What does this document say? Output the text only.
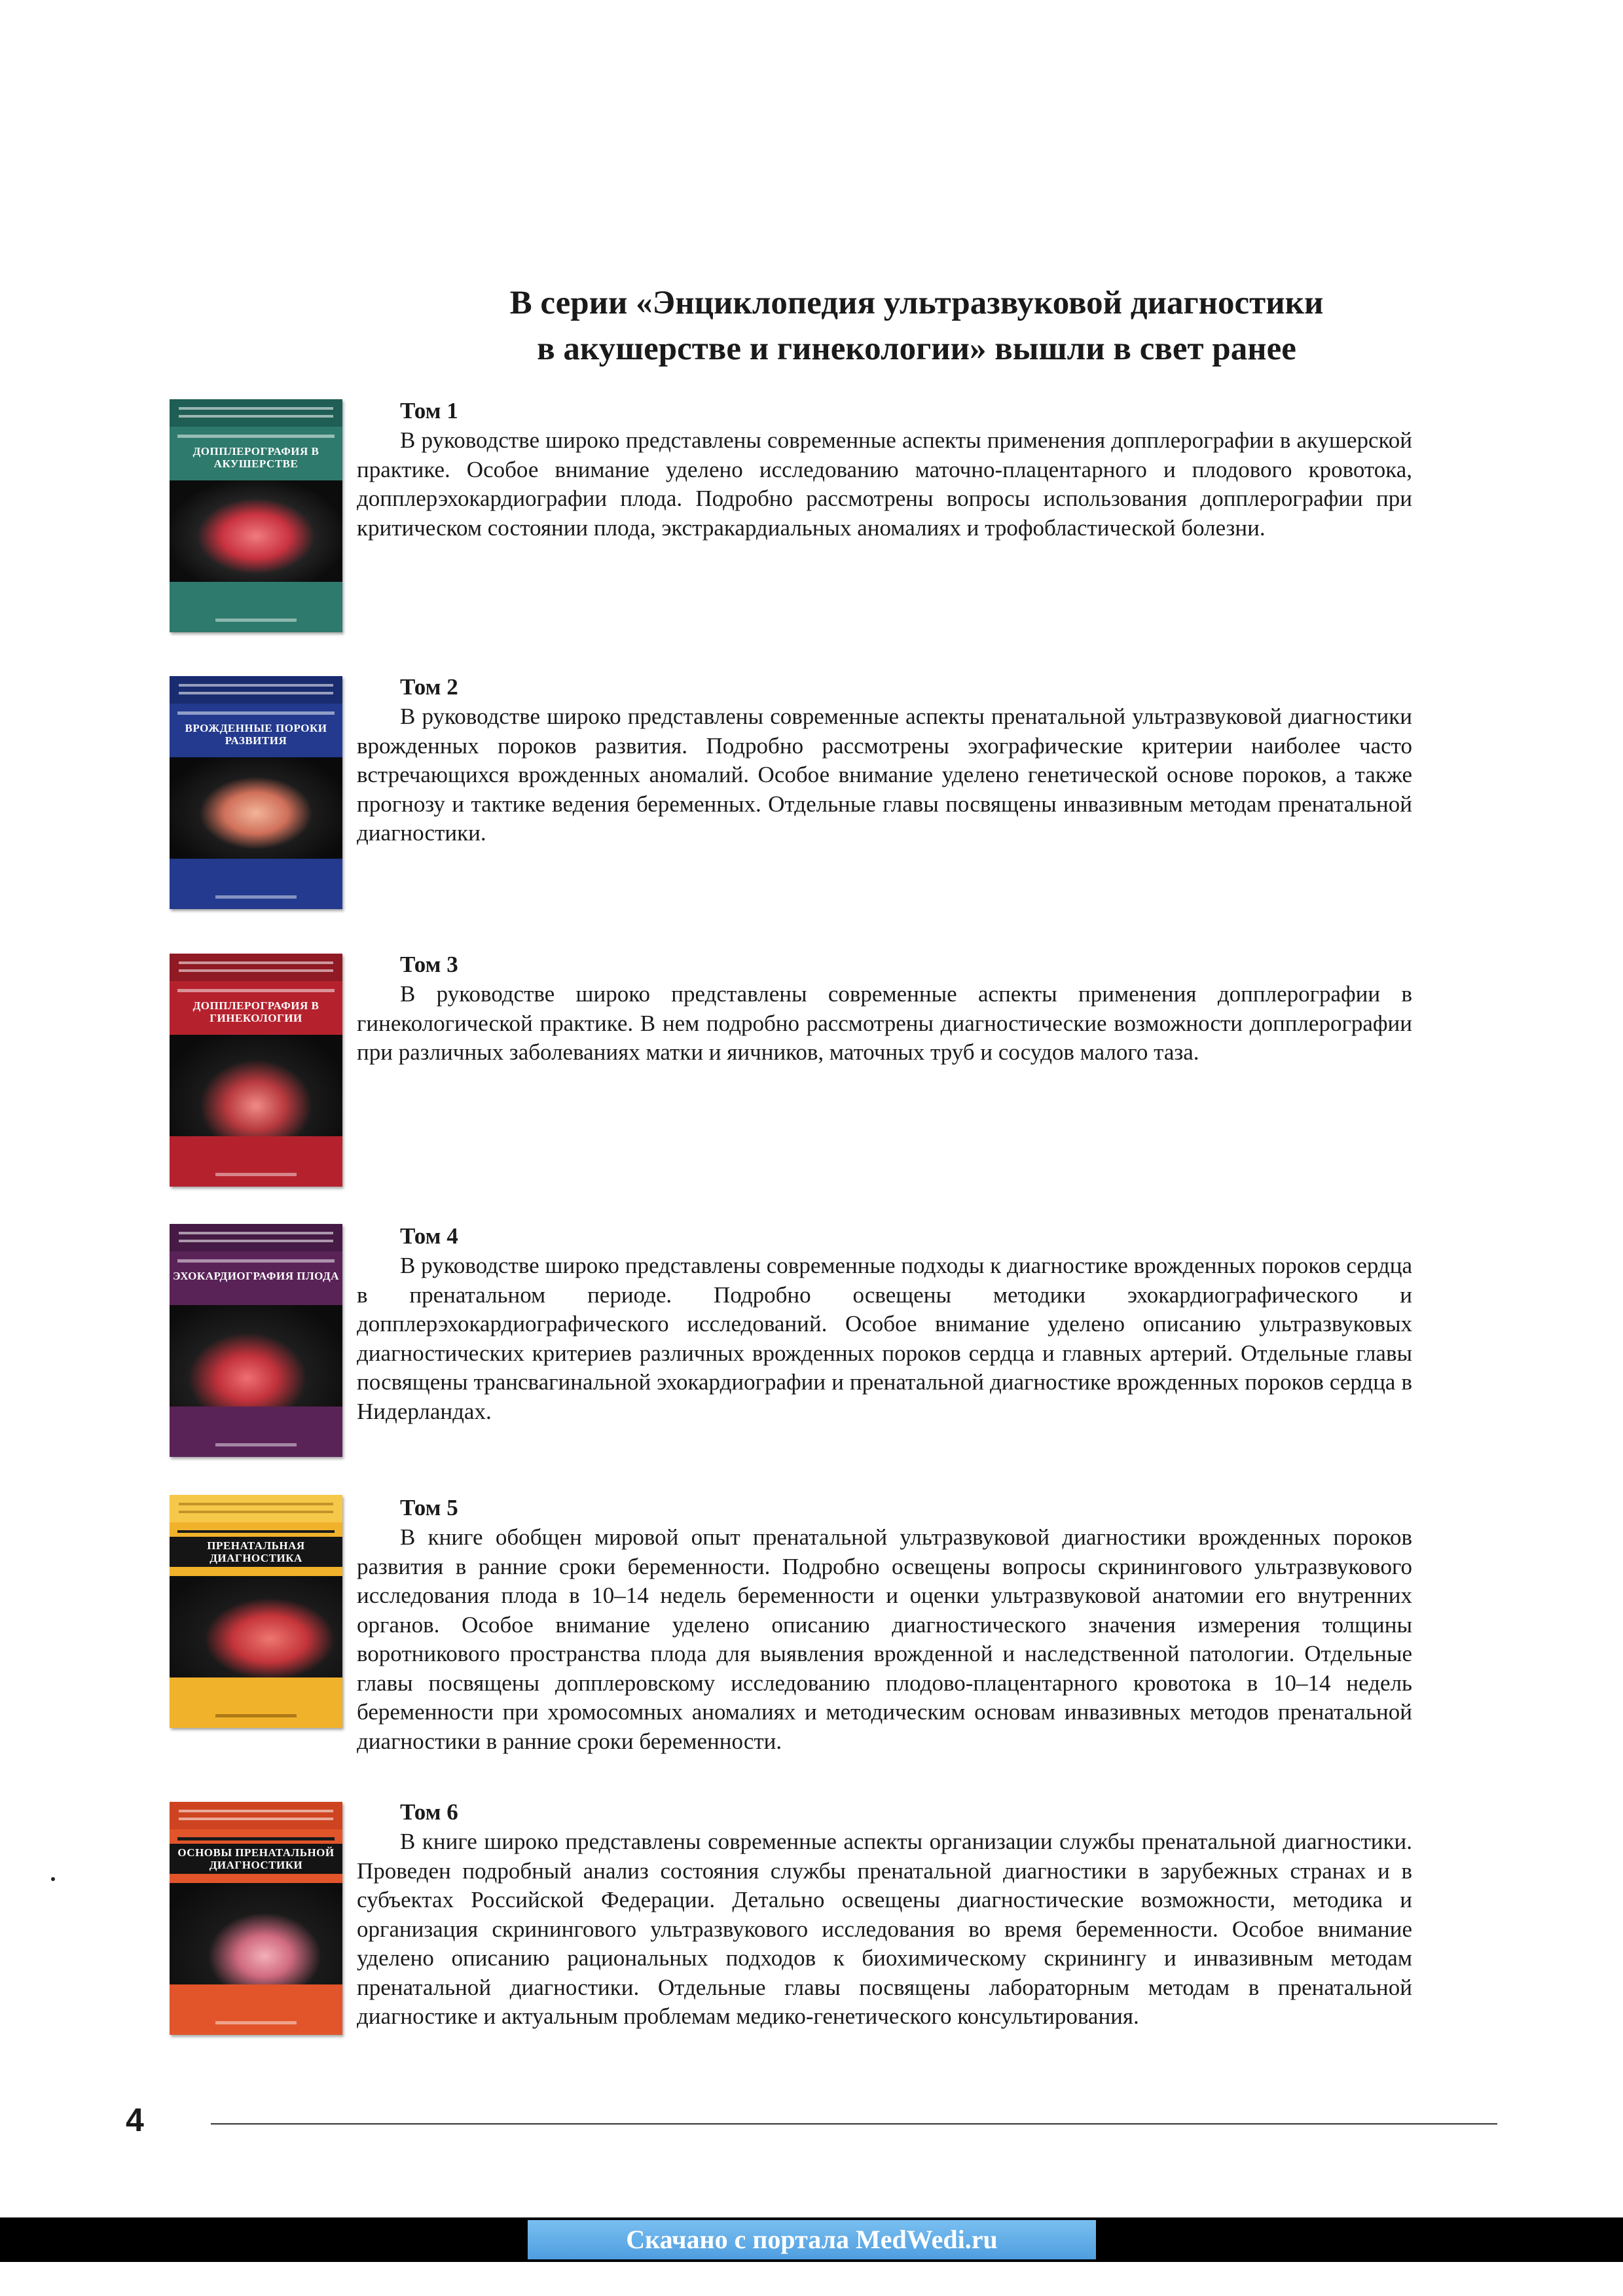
В серии «Энциклопедия ультразвуковой диагностики
в акушерстве и гинекологии» вышли в свет ранее
ДОППЛЕРОГРАФИЯ В АКУШЕРСТВЕ
Том 1

В руководстве широко представлены современные аспекты применения допплерографии в акушерской практике. Особое внимание уделено исследованию маточно-плацентарного и плодового кровотока, допплерэхокардиографии плода. Подробно рассмотрены вопросы использования допплерографии при критическом состоянии плода, экстракардиальных аномалиях и трофобластической болезни.

ВРОЖДЕННЫЕ ПОРОКИ РАЗВИТИЯ
Том 2

В руководстве широко представлены современные аспекты пренатальной ультразвуковой диагностики врожденных пороков развития. Подробно рассмотрены эхографические критерии наиболее часто встречающихся врожденных аномалий. Особое внимание уделено генетической основе пороков, а также прогнозу и тактике ведения беременных. Отдельные главы посвящены инвазивным методам пренатальной диагностики.

ДОППЛЕРОГРАФИЯ В ГИНЕКОЛОГИИ
Том 3

В руководстве широко представлены современные аспекты применения допплерографии в гинекологической практике. В нем подробно рассмотрены диагностические возможности допплерографии при различных заболеваниях матки и яичников, маточных труб и сосудов малого таза.

ЭХОКАРДИОГРАФИЯ ПЛОДА
Том 4

В руководстве широко представлены современные подходы к диагностике врожденных пороков сердца в пренатальном периоде. Подробно освещены методики эхокардиографического и допплерэхокардиографического исследований. Особое внимание уделено описанию ультразвуковых диагностических критериев различных врожденных пороков сердца и главных артерий. Отдельные главы посвящены трансвагинальной эхокардиографии и пренатальной диагностике врожденных пороков сердца в Нидерландах.

ПРЕНАТАЛЬНАЯ ДИАГНОСТИКА
Том 5

В книге обобщен мировой опыт пренатальной ультразвуковой диагностики врожденных пороков развития в ранние сроки беременности. Подробно освещены вопросы скринингового ультразвукового исследования плода в 10–14 недель беременности и оценки ультразвуковой анатомии его внутренних органов. Особое внимание уделено описанию диагностического значения измерения толщины воротникового пространства плода для выявления врожденной и наследственной патологии. Отдельные главы посвящены допплеровскому исследованию плодово-плацентарного кровотока в 10–14 недель беременности при хромосомных аномалиях и методическим основам инвазивных методов пренатальной диагностики в ранние сроки беременности.

ОСНОВЫ ПРЕНАТАЛЬНОЙ ДИАГНОСТИКИ
Том 6

В книге широко представлены современные аспекты организации службы пренатальной диагностики. Проведен подробный анализ состояния службы пренатальной диагностики в зарубежных странах и в субъектах Российской Федерации. Детально освещены диагностические возможности, методика и организация скринингового ультразвукового исследования во время беременности. Особое внимание уделено описанию рациональных подходов к биохимическому скринингу и инвазивным методам пренатальной диагностики. Отдельные главы посвящены лабораторным методам в пренатальной диагностике и актуальным проблемам медико-генетического консультирования.

4
Скачано с портала MedWedi.ru
